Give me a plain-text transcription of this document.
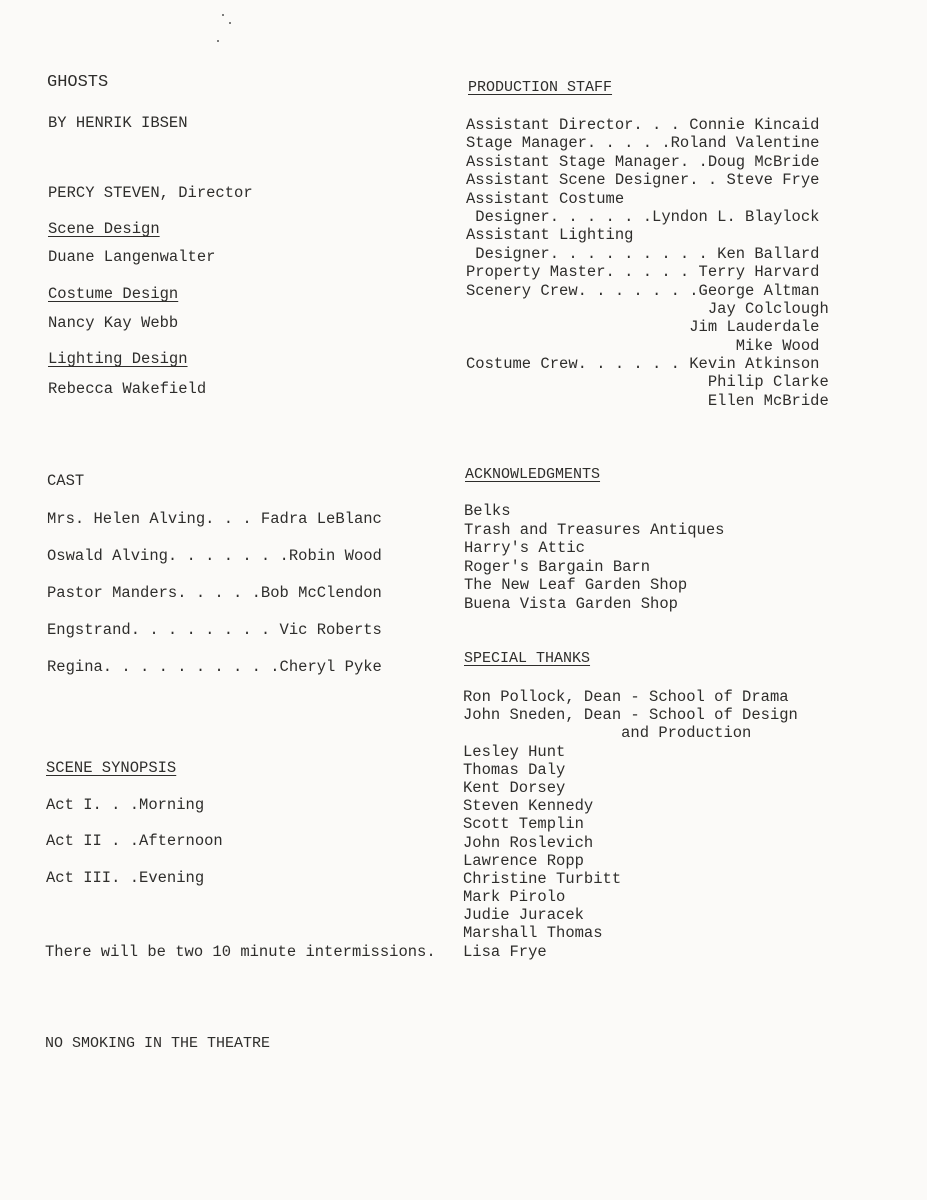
GHOSTS
BY HENRIK IBSEN
PERCY STEVEN, Director
Scene Design
Duane Langenwalter
Costume Design
Nancy Kay Webb
Lighting Design
Rebecca Wakefield
CAST
Mrs. Helen Alving. . . Fadra LeBlanc
Oswald Alving. . . . . . .Robin Wood
Pastor Manders. . . . .Bob McClendon
Engstrand. . . . . . . . Vic Roberts
Regina. . . . . . . . . .Cheryl Pyke
SCENE SYNOPSIS
Act I. . .Morning
Act II . .Afternoon
Act III. .Evening
There will be two 10 minute intermissions.
NO SMOKING IN THE THEATRE
PRODUCTION STAFF
Assistant Director. . . Connie Kincaid
Stage Manager. . . . .Roland Valentine
Assistant Stage Manager. .Doug McBride
Assistant Scene Designer. . Steve Frye
Assistant Costume
Designer. . . . . .Lyndon L. Blaylock
Assistant Lighting
Designer. . . . . . . . . Ken Ballard
Property Master. . . . . Terry Harvard
Scenery Crew. . . . . . .George Altman
Jay Colclough
Jim Lauderdale
Mike Wood
Costume Crew. . . . . . Kevin Atkinson
Philip Clarke
Ellen McBride
ACKNOWLEDGMENTS
Belks
Trash and Treasures Antiques
Harry's Attic
Roger's Bargain Barn
The New Leaf Garden Shop
Buena Vista Garden Shop
SPECIAL THANKS
Ron Pollock, Dean - School of Drama
John Sneden, Dean - School of Design
and Production
Lesley Hunt
Thomas Daly
Kent Dorsey
Steven Kennedy
Scott Templin
John Roslevich
Lawrence Ropp
Christine Turbitt
Mark Pirolo
Judie Juracek
Marshall Thomas
Lisa Frye
